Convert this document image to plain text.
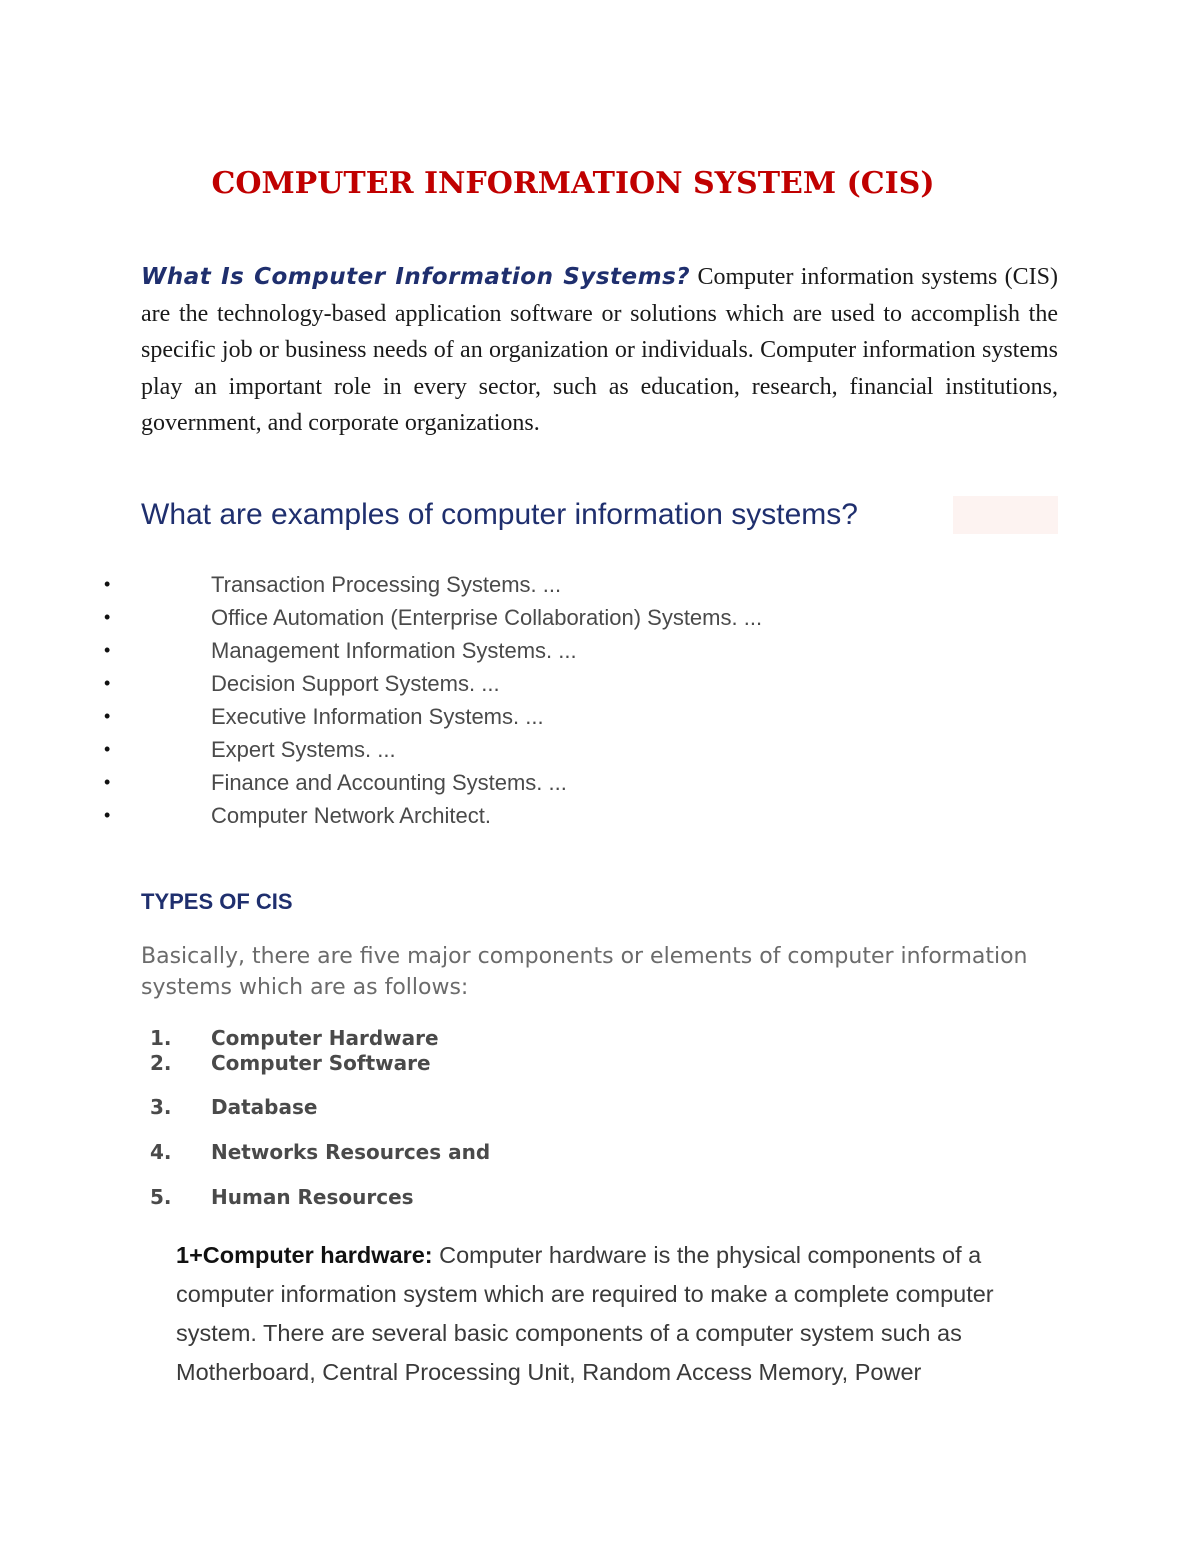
COMPUTER INFORMATION SYSTEM (CIS)

What Is Computer Information Systems? Computer information systems (CIS) are the technology-based application software or solutions which are used to accomplish the specific job or business needs of an organization or individuals. Computer information systems play an important role in every sector, such as education, research, financial institutions, government, and corporate organizations.

What are examples of computer information systems?
•	Transaction Processing Systems. ...
•	Office Automation (Enterprise Collaboration) Systems. ...
•	Management Information Systems. ...
•	Decision Support Systems. ...
•	Executive Information Systems. ...
•	Expert Systems. ...
•	Finance and Accounting Systems. ...
•	Computer Network Architect.
TYPES OF CIS

Basically, there are five major components or elements of computer information systems which are as follows:

1. Computer Hardware
2. Computer Software
3. Database
4. Networks Resources and
5. Human Resources

1+Computer hardware: Computer hardware is the physical components of a computer information system which are required to make a complete computer system. There are several basic components of a computer system such as Motherboard, Central Processing Unit, Random Access Memory, Power
